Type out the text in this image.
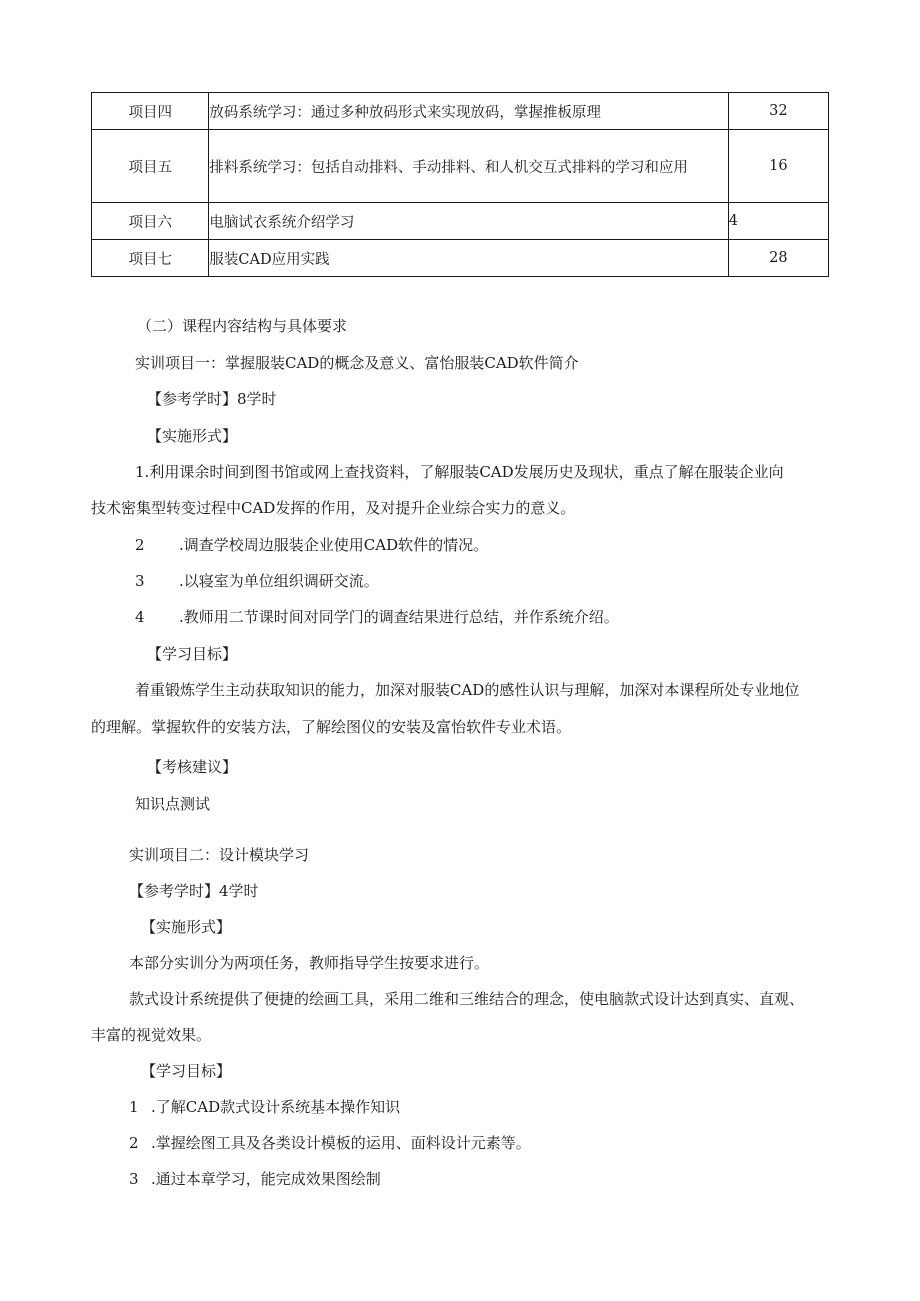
项目四	放码系统学习：通过多种放码形式来实现放码，掌握推板原理	32
项目五	排料系统学习：包括自动排料、手动排料、和人机交互式排料的学习和应用	16
项目六	电脑试衣系统介绍学习	4
项目七	服装CAD应用实践	28
（二）课程内容结构与具体要求
实训项目一：掌握服装CAD的概念及意义、富怡服装CAD软件简介
【参考学时】8学时
【实施形式】
1.利用课余时间到图书馆或网上查找资料，了解服装CAD发展历史及现状，重点了解在服装企业向
技术密集型转变过程中CAD发挥的作用，及对提升企业综合实力的意义。
2 .调查学校周边服装企业使用CAD软件的情况。
3 .以寝室为单位组织调研交流。
4 .教师用二节课时间对同学门的调查结果进行总结，并作系统介绍。
【学习目标】
着重锻炼学生主动获取知识的能力，加深对服装CAD的感性认识与理解，加深对本课程所处专业地位
的理解。掌握软件的安装方法，了解绘图仪的安装及富怡软件专业术语。
【考核建议】
知识点测试
实训项目二：设计模块学习
【参考学时】4学时
【实施形式】
本部分实训分为两项任务，教师指导学生按要求进行。
款式设计系统提供了便捷的绘画工具，采用二维和三维结合的理念，使电脑款式设计达到真实、直观、
丰富的视觉效果。
【学习目标】
1 .了解CAD款式设计系统基本操作知识
2 .掌握绘图工具及各类设计模板的运用、面料设计元素等。
3 .通过本章学习，能完成效果图绘制
